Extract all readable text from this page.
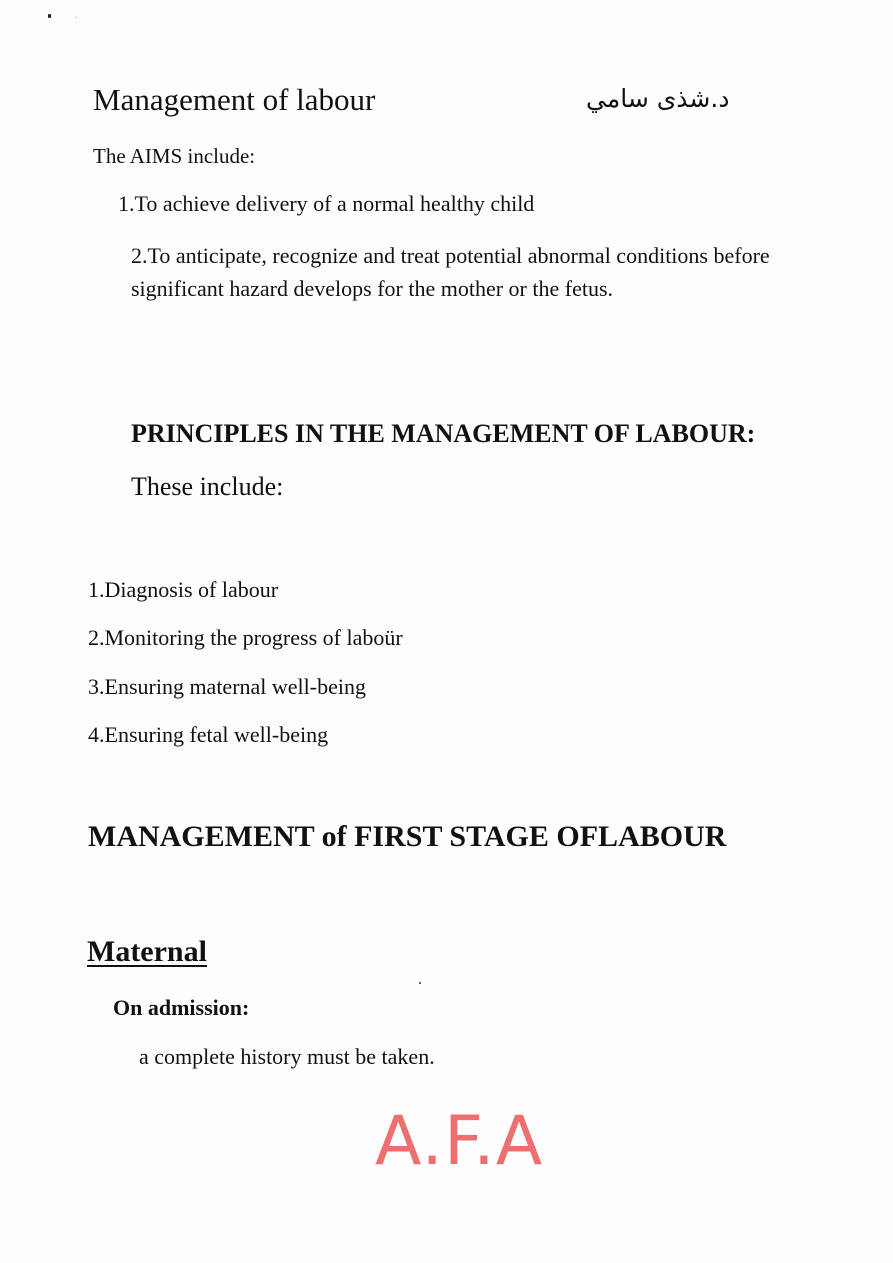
Management of labour	د.شذى سامي
The AIMS include:
1.To achieve delivery of a normal healthy child
2.To anticipate, recognize and treat potential abnormal conditions before significant hazard develops for the mother or the fetus.
PRINCIPLES IN THE MANAGEMENT OF LABOUR:
These include:
1.Diagnosis of labour
2.Monitoring the progress of laboür
3.Ensuring maternal well-being
4.Ensuring fetal well-being
MANAGEMENT of FIRST STAGE OFLABOUR
Maternal
On admission:
a complete history must be taken.
A.F.A
